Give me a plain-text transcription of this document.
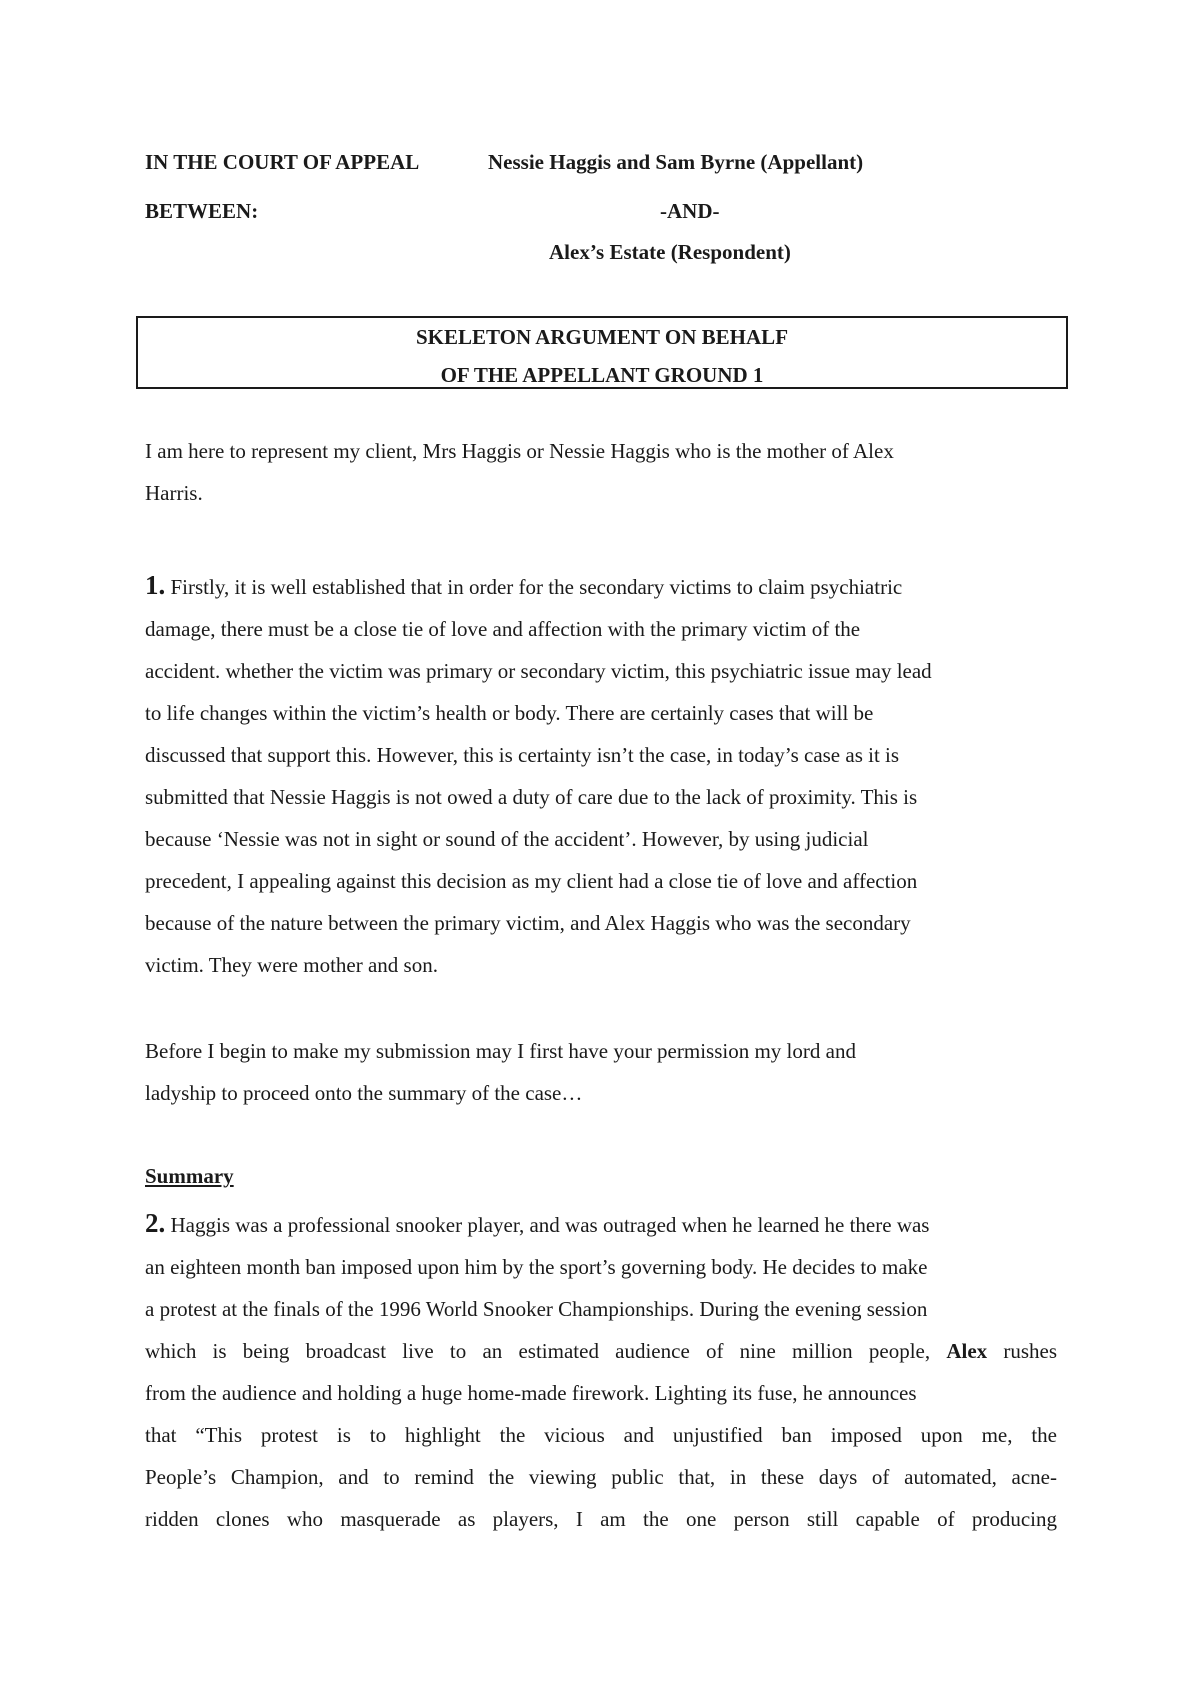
IN THE COURT OF APPEAL	Nessie Haggis and Sam Byrne (Appellant)
BETWEEN:	-AND-
Alex’s Estate (Respondent)
SKELETON ARGUMENT ON BEHALF
OF THE APPELLANT GROUND 1
I am here to represent my client, Mrs Haggis or Nessie Haggis who is the mother of Alex
Harris.
1. Firstly, it is well established that in order for the secondary victims to claim psychiatric
damage, there must be a close tie of love and affection with the primary victim of the
accident. whether the victim was primary or secondary victim, this psychiatric issue may lead
to life changes within the victim’s health or body. There are certainly cases that will be
discussed that support this. However, this is certainty isn’t the case, in today’s case as it is
submitted that Nessie Haggis is not owed a duty of care due to the lack of proximity. This is
because ‘Nessie was not in sight or sound of the accident’. However, by using judicial
precedent, I appealing against this decision as my client had a close tie of love and affection
because of the nature between the primary victim, and Alex Haggis who was the secondary
victim. They were mother and son.
Before I begin to make my submission may I first have your permission my lord and
ladyship to proceed onto the summary of the case…
Summary
2. Haggis was a professional snooker player, and was outraged when he learned he there was
an eighteen month ban imposed upon him by the sport’s governing body. He decides to make
a protest at the finals of the 1996 World Snooker Championships. During the evening session
which is being broadcast live to an estimated audience of nine million people, Alex rushes
from the audience and holding a huge home-made firework. Lighting its fuse, he announces
that “This protest is to highlight the vicious and unjustified ban imposed upon me, the
People’s Champion, and to remind the viewing public that, in these days of automated, acne-
ridden clones who masquerade as players, I am the one person still capable of producing
